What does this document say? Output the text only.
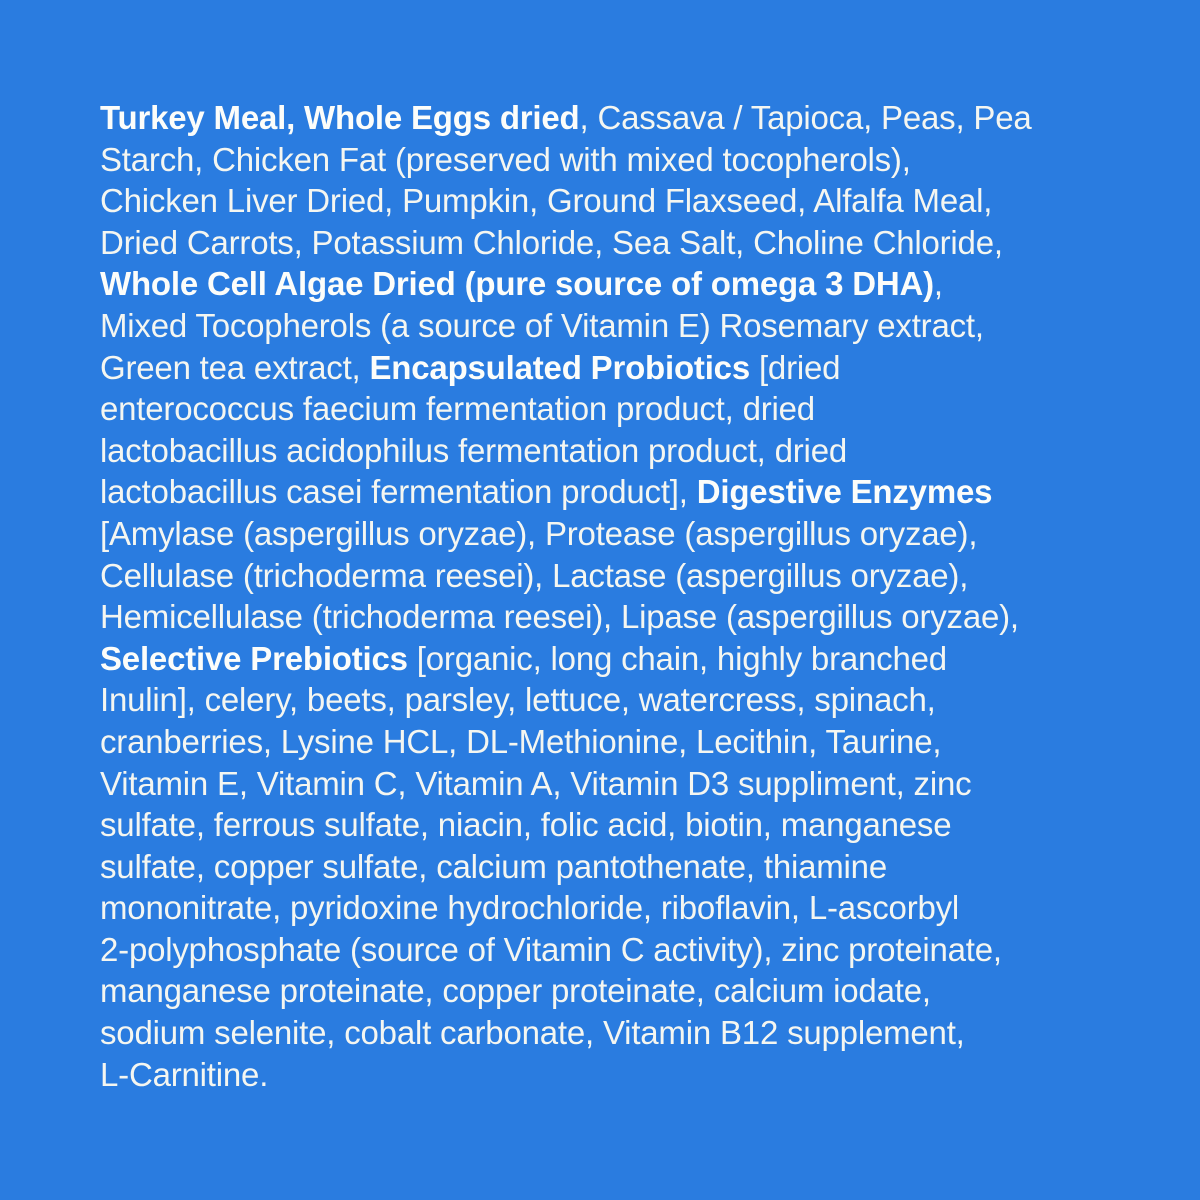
Turkey Meal, Whole Eggs dried, Cassava / Tapioca, Peas, Pea
Starch, Chicken Fat (preserved with mixed tocopherols),
Chicken Liver Dried, Pumpkin, Ground Flaxseed, Alfalfa Meal,
Dried Carrots, Potassium Chloride, Sea Salt, Choline Chloride,
Whole Cell Algae Dried (pure source of omega 3 DHA),
Mixed Tocopherols (a source of Vitamin E) Rosemary extract,
Green tea extract, Encapsulated Probiotics [dried
enterococcus faecium fermentation product, dried
lactobacillus acidophilus fermentation product, dried
lactobacillus casei fermentation product], Digestive Enzymes
[Amylase (aspergillus oryzae), Protease (aspergillus oryzae),
Cellulase (trichoderma reesei), Lactase (aspergillus oryzae),
Hemicellulase (trichoderma reesei), Lipase (aspergillus oryzae),
Selective Prebiotics [organic, long chain, highly branched
Inulin], celery, beets, parsley, lettuce, watercress, spinach,
cranberries, Lysine HCL, DL-Methionine, Lecithin, Taurine,
Vitamin E, Vitamin C, Vitamin A, Vitamin D3 suppliment, zinc
sulfate, ferrous sulfate, niacin, folic acid, biotin, manganese
sulfate, copper sulfate, calcium pantothenate, thiamine
mononitrate, pyridoxine hydrochloride, riboflavin, L-ascorbyl
2-polyphosphate (source of Vitamin C activity), zinc proteinate,
manganese proteinate, copper proteinate, calcium iodate,
sodium selenite, cobalt carbonate, Vitamin B12 supplement,
L-Carnitine.
